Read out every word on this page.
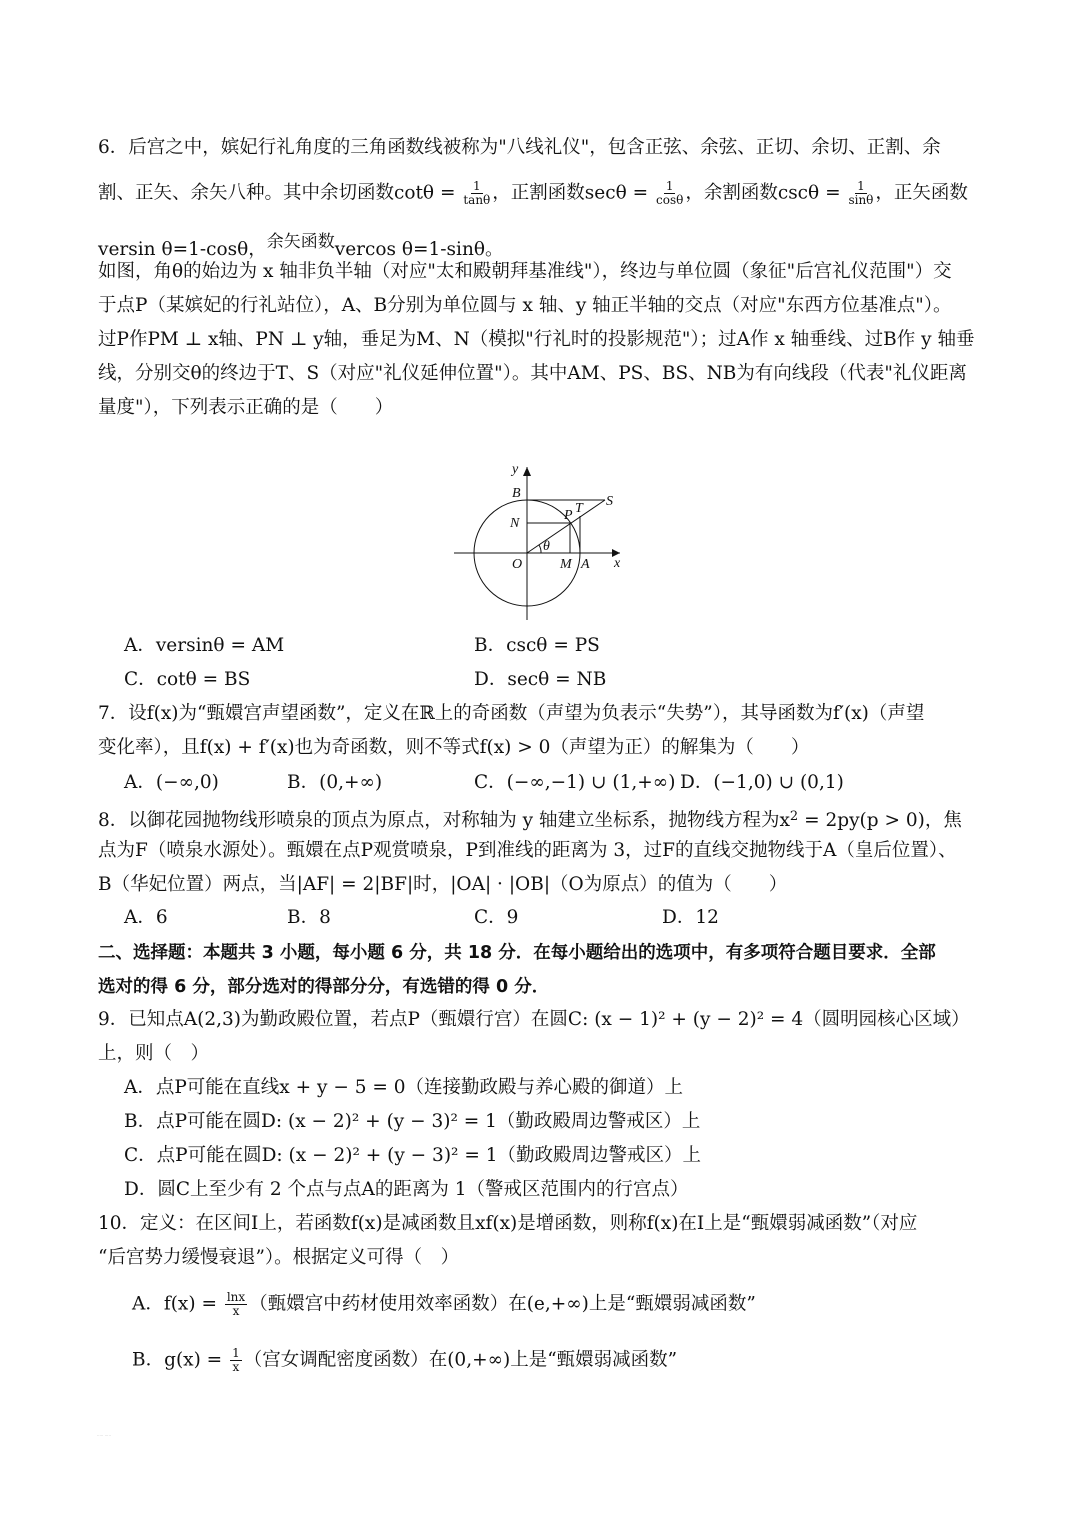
6．后宫之中，嫔妃行礼角度的三角函数线被称为"八线礼仪"，包含正弦、余弦、正切、余切、正割、余
割、正矢、余矢八种。其中余切函数$\cot\theta = \frac{1}{\tan\theta}$ ，正割函数$\sec\theta = \frac{1}{\cos\theta}$ ，余割函数$\csc\theta = \frac{1}{\sin\theta}$ ，正矢函数
versin θ=1-cosθ，余矢函数vercos θ=1-sinθ。
如图，角θ的始边为 x 轴非负半轴（对应"太和殿朝拜基准线"），终边与单位圆（象征"后宫礼仪范围"）交
于点P（某嫔妃的行礼站位），A、B分别为单位圆与 x 轴、y 轴正半轴的交点（对应"东西方位基准点"）。
过P作PM ⊥ x轴、PN ⊥ y轴，垂足为M、N（模拟"行礼时的投影规范"）；过A作 x 轴垂线、过B作 y 轴垂
线，分别交θ的终边于T、S（对应"礼仪延伸位置"）。其中AM、PS、BS、NB为有向线段（代表"礼仪距离
量度"），下列表示正确的是（　　）
y
x
B
S
T
P
N
O	M A
θ
A．versinθ = AM	B．cscθ = PS
C．cotθ = BS	D．secθ = NB
7．设f(x)为“甄嬛宫声望函数”，定义在ℝ上的奇函数（声望为负表示“失势”），其导函数为f′(x)（声望
变化率），且f(x) + f′(x)也为奇函数，则不等式f(x) > 0（声望为正）的解集为（　　）
A．(−∞,0)	B．(0,+∞)	C．(−∞,−1) ∪ (1,+∞) D．(−1,0) ∪ (0,1)
8．以御花园抛物线形喷泉的顶点为原点，对称轴为 y 轴建立坐标系，抛物线方程为$x^2 = 2py(p > 0)$，焦
点为F（喷泉水源处）。甄嬛在点P观赏喷泉，P到准线的距离为 3，过F的直线交抛物线于A（皇后位置）、
B（华妃位置）两点，当|AF| = 2|BF|时，|OA| · |OB|（O为原点）的值为（　　）
A．6	B．8	C．9	D．12
二、选择题：本题共 3 小题，每小题 6 分，共 18 分．在每小题给出的选项中，有多项符合题目要求．全部
选对的得 6 分，部分选对的得部分分，有选错的得 0 分．
9．已知点A(2,3)为勤政殿位置，若点P（甄嬛行宫）在圆C: (x − 1)² + (y − 2)² = 4（圆明园核心区域）
上，则（　）
A．点P可能在直线x + y − 5 = 0（连接勤政殿与养心殿的御道）上
B．点P可能在圆D: (x − 2)² + (y − 3)² = 1（勤政殿周边警戒区）上
C．点P可能在圆D: (x − 2)² + (y − 3)² = 1（勤政殿周边警戒区）上
D．圆C上至少有 2 个点与点A的距离为 1（警戒区范围内的行宫点）
10．定义：在区间I上，若函数f(x)是减函数且xf(x)是增函数，则称f(x)在I上是“甄嬛弱减函数”（对应
“后宫势力缓慢衰退”）。根据定义可得（　）
A．$f(x) = \frac{\ln x}{x}$ （甄嬛宫中药材使用效率函数）在(e,+∞)上是“甄嬛弱减函数”
B．$g(x) = \frac{1}{x}$ （宫女调配密度函数）在(0,+∞)上是“甄嬛弱减函数”
····· ·····
